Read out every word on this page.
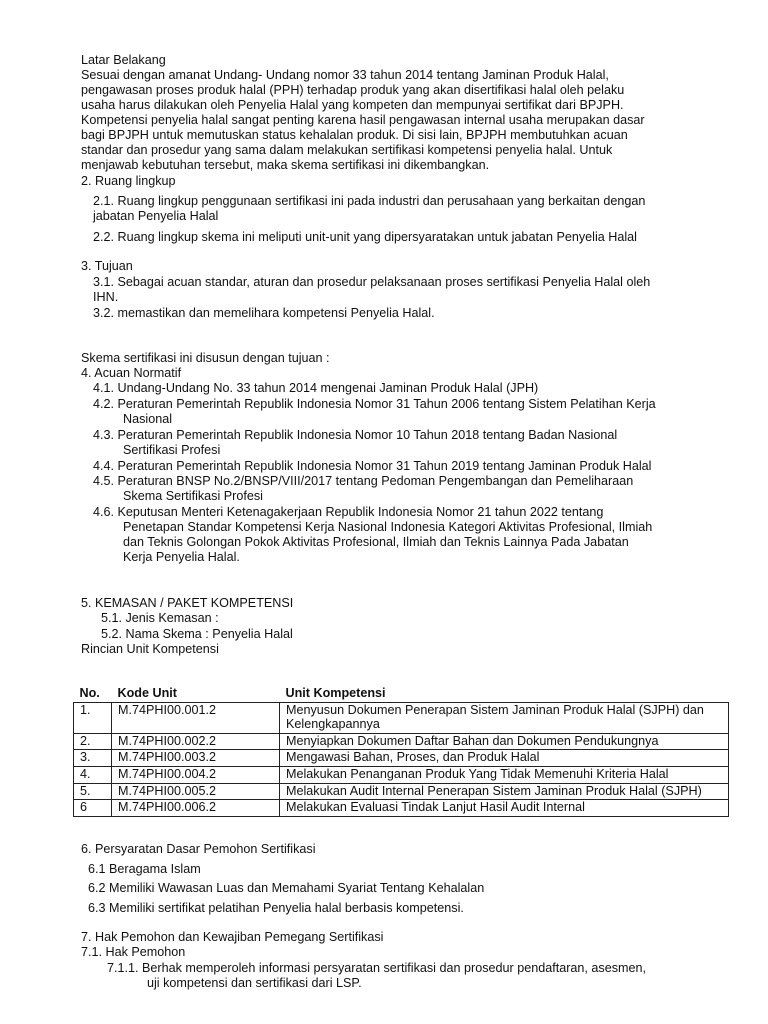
Latar Belakang
Sesuai dengan amanat Undang- Undang nomor 33 tahun 2014 tentang Jaminan Produk Halal,
pengawasan proses produk halal (PPH) terhadap produk yang akan disertifikasi halal oleh pelaku
usaha harus dilakukan oleh Penyelia Halal yang kompeten dan mempunyai sertifikat dari BPJPH.
Kompetensi penyelia halal sangat penting karena hasil pengawasan internal usaha merupakan dasar
bagi BPJPH untuk memutuskan status kehalalan produk. Di sisi lain, BPJPH membutuhkan acuan
standar dan prosedur yang sama dalam melakukan sertifikasi kompetensi penyelia halal. Untuk
menjawab kebutuhan tersebut, maka skema sertifikasi ini dikembangkan.
2. Ruang lingkup
2.1. Ruang lingkup penggunaan sertifikasi ini pada industri dan perusahaan yang berkaitan dengan
jabatan Penyelia Halal
2.2. Ruang lingkup skema ini meliputi unit-unit yang dipersyaratakan untuk jabatan Penyelia Halal
3. Tujuan
3.1. Sebagai acuan standar, aturan dan prosedur pelaksanaan proses sertifikasi Penyelia Halal oleh
IHN.
3.2. memastikan dan memelihara kompetensi Penyelia Halal.
Skema sertifikasi ini disusun dengan tujuan :
4. Acuan Normatif
4.1. Undang-Undang No. 33 tahun 2014 mengenai Jaminan Produk Halal (JPH)
4.2. Peraturan Pemerintah Republik Indonesia Nomor 31 Tahun 2006 tentang Sistem Pelatihan Kerja
Nasional
4.3. Peraturan Pemerintah Republik Indonesia Nomor 10 Tahun 2018 tentang Badan Nasional
Sertifikasi Profesi
4.4. Peraturan Pemerintah Republik Indonesia Nomor 31 Tahun 2019 tentang Jaminan Produk Halal
4.5. Peraturan BNSP No.2/BNSP/VIII/2017 tentang Pedoman Pengembangan dan Pemeliharaan
Skema Sertifikasi Profesi
4.6. Keputusan Menteri Ketenagakerjaan Republik Indonesia Nomor 21 tahun 2022 tentang
Penetapan Standar Kompetensi Kerja Nasional Indonesia Kategori Aktivitas Profesional, Ilmiah
dan Teknis Golongan Pokok Aktivitas Profesional, Ilmiah dan Teknis Lainnya Pada Jabatan
Kerja Penyelia Halal.
5. KEMASAN / PAKET KOMPETENSI
5.1. Jenis Kemasan :
5.2. Nama Skema : Penyelia Halal
Rincian Unit Kompetensi
No.	Kode Unit	Unit Kompetensi
1.	M.74PHI00.001.2	Menyusun Dokumen Penerapan Sistem Jaminan Produk Halal (SJPH) dan Kelengkapannya
2.	M.74PHI00.002.2	Menyiapkan Dokumen Daftar Bahan dan Dokumen Pendukungnya
3.	M.74PHI00.003.2	Mengawasi Bahan, Proses, dan Produk Halal
4.	M.74PHI00.004.2	Melakukan Penanganan Produk Yang Tidak Memenuhi Kriteria Halal
5.	M.74PHI00.005.2	Melakukan Audit Internal Penerapan Sistem Jaminan Produk Halal (SJPH)
6	M.74PHI00.006.2	Melakukan Evaluasi Tindak Lanjut Hasil Audit Internal
6. Persyaratan Dasar Pemohon Sertifikasi
6.1 Beragama Islam
6.2 Memiliki Wawasan Luas dan Memahami Syariat Tentang Kehalalan
6.3 Memiliki sertifikat pelatihan Penyelia halal berbasis kompetensi.
7. Hak Pemohon dan Kewajiban Pemegang Sertifikasi
7.1. Hak Pemohon
7.1.1. Berhak memperoleh informasi persyaratan sertifikasi dan prosedur pendaftaran, asesmen,
uji kompetensi dan sertifikasi dari LSP.
